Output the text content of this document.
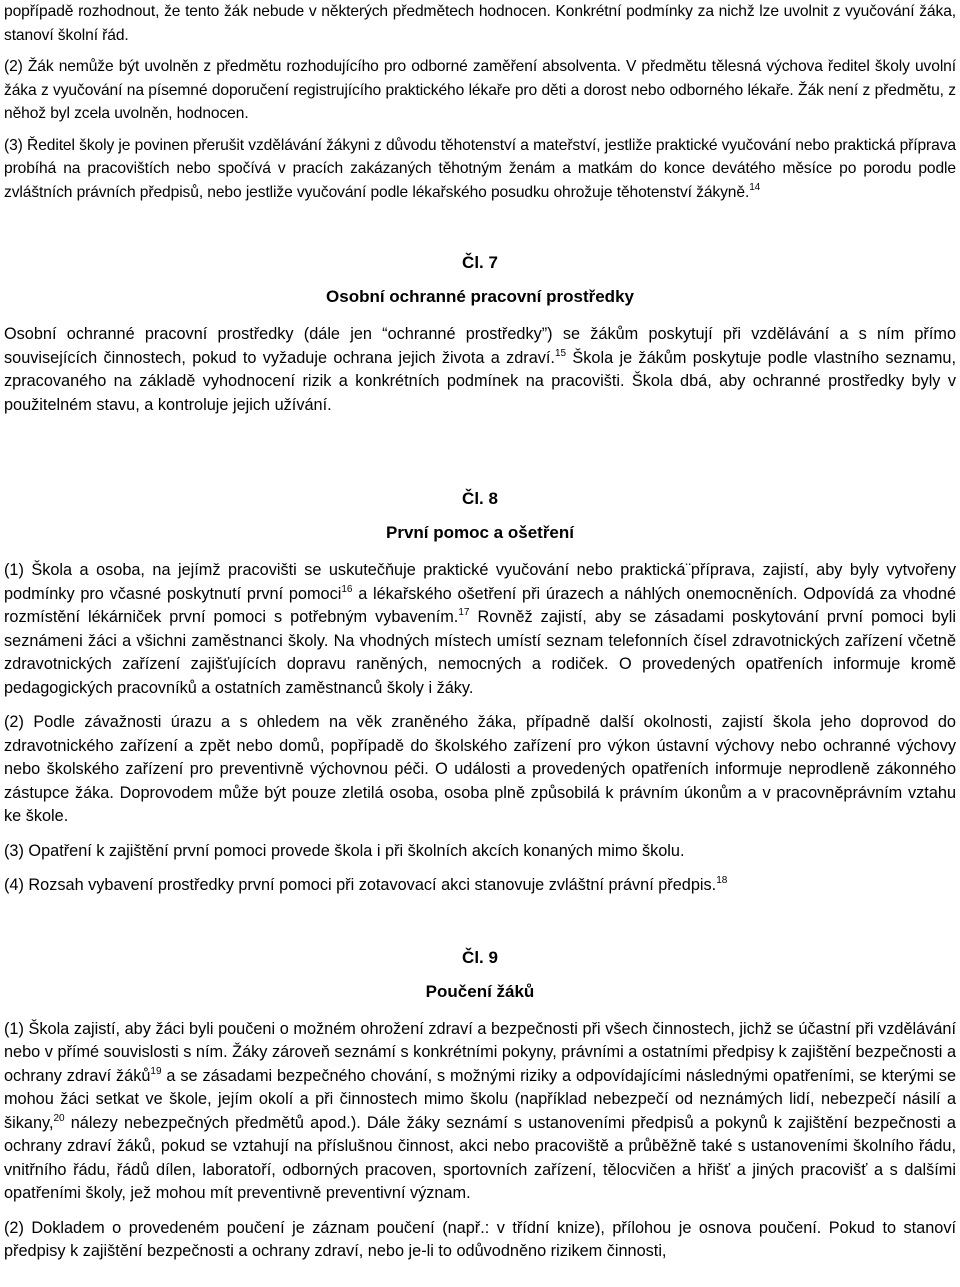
popřípadě rozhodnout, že tento žák nebude v některých předmětech hodnocen. Konkrétní podmínky za nichž lze uvolnit z vyučování žáka, stanoví školní řád.

(2) Žák nemůže být uvolněn z předmětu rozhodujícího pro odborné zaměření absolventa. V předmětu tělesná výchova ředitel školy uvolní žáka z vyučování na písemné doporučení registrujícího praktického lékaře pro děti a dorost nebo odborného lékaře. Žák není z předmětu, z něhož byl zcela uvolněn, hodnocen.

(3) Ředitel školy je povinen přerušit vzdělávání žákyni z důvodu těhotenství a mateřství, jestliže praktické vyučování nebo praktická příprava probíhá na pracovištích nebo spočívá v pracích zakázaných těhotným ženám a matkám do konce devátého měsíce po porodu podle zvláštních právních předpisů, nebo jestliže vyučování podle lékařského posudku ohrožuje těhotenství žákyně.$^{14}$

Čl. 7
Osobní ochranné pracovní prostředky

Osobní ochranné pracovní prostředky (dále jen “ochranné prostředky”) se žákům poskytují při vzdělávání a s ním přímo souvisejících činnostech, pokud to vyžaduje ochrana jejich života a zdraví.$^{15}$ Škola je žákům poskytuje podle vlastního seznamu, zpracovaného na základě vyhodnocení rizik a konkrétních podmínek na pracovišti. Škola dbá, aby ochranné prostředky byly v použitelném stavu, a kontroluje jejich užívání.

Čl. 8
První pomoc a ošetření

(1) Škola a osoba, na jejímž pracovišti se uskutečňuje praktické vyučování nebo praktická¨příprava, zajistí, aby byly vytvořeny podmínky pro včasné poskytnutí první pomoci$^{16}$ a lékařského ošetření při úrazech a náhlých onemocněních. Odpovídá za vhodné rozmístění lékárniček první pomoci s potřebným vybavením.$^{17}$ Rovněž zajistí, aby se zásadami poskytování první pomoci byli seznámeni žáci a všichni zaměstnanci školy. Na vhodných místech umístí seznam telefonních čísel zdravotnických zařízení včetně zdravotnických zařízení zajišťujících dopravu raněných, nemocných a rodiček. O provedených opatřeních informuje kromě pedagogických pracovníků a ostatních zaměstnanců školy i žáky.

(2) Podle závažnosti úrazu a s ohledem na věk zraněného žáka, případně další okolnosti, zajistí škola jeho doprovod do zdravotnického zařízení a zpět nebo domů, popřípadě do školského zařízení pro výkon ústavní výchovy nebo ochranné výchovy nebo školského zařízení pro preventivně výchovnou péči. O události a provedených opatřeních informuje neprodleně zákonného zástupce žáka. Doprovodem může být pouze zletilá osoba, osoba plně způsobilá k právním úkonům a v pracovněprávním vztahu ke škole.

(3) Opatření k zajištění první pomoci provede škola i při školních akcích konaných mimo školu.

(4) Rozsah vybavení prostředky první pomoci při zotavovací akci stanovuje zvláštní právní předpis.$^{18}$

Čl. 9
Poučení žáků

(1) Škola zajistí, aby žáci byli poučeni o možném ohrožení zdraví a bezpečnosti při všech činnostech, jichž se účastní při vzdělávání nebo v přímé souvislosti s ním. Žáky zároveň seznámí s konkrétními pokyny, právními a ostatními předpisy k zajištění bezpečnosti a ochrany zdraví žáků$^{19}$ a se zásadami bezpečného chování, s možnými riziky a odpovídajícími následnými opatřeními, se kterými se mohou žáci setkat ve škole, jejím okolí a při činnostech mimo školu (například nebezpečí od neznámých lidí, nebezpečí násilí a šikany,$^{20}$ nálezy nebezpečných předmětů apod.). Dále žáky seznámí s ustanoveními předpisů a pokynů k zajištění bezpečnosti a ochrany zdraví žáků, pokud se vztahují na příslušnou činnost, akci nebo pracoviště a průběžně také s ustanoveními školního řádu, vnitřního řádu, řádů dílen, laboratoří, odborných pracoven, sportovních zařízení, tělocvičen a hřišť a jiných pracovišť a s dalšími opatřeními školy, jež mohou mít preventivně preventivní význam.

(2) Dokladem o provedeném poučení je záznam poučení (např.: v třídní knize), přílohou je osnova poučení. Pokud to stanoví předpisy k zajištění bezpečnosti a ochrany zdraví, nebo je-li to odůvodněno rizikem činnosti,
